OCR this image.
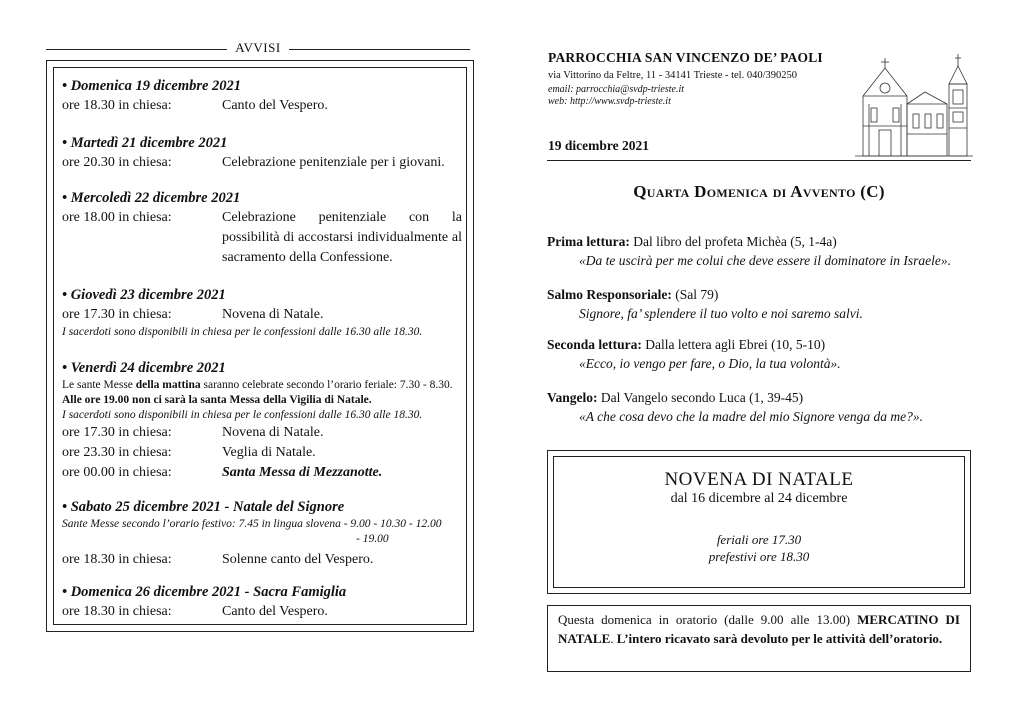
AVVISI
• Domenica 19 dicembre 2021
ore 18.30 in chiesa:	Canto del Vespero.
• Martedì 21 dicembre 2021
ore 20.30 in chiesa:	Celebrazione penitenziale per i giovani.
• Mercoledì 22 dicembre 2021
ore 18.00 in chiesa:	Celebrazione penitenziale con la possibilità di accostarsi individualmente al sacramento della Confessione.
• Giovedì 23 dicembre 2021
ore 17.30 in chiesa:	Novena di Natale.
I sacerdoti sono disponibili in chiesa per le confessioni dalle 16.30 alle 18.30.
• Venerdì 24 dicembre 2021
Le sante Messe della mattina saranno celebrate secondo l’orario feriale: 7.30 - 8.30.
Alle ore 19.00 non ci sarà la santa Messa della Vigilia di Natale.
I sacerdoti sono disponibili in chiesa per le confessioni dalle 16.30 alle 18.30.
ore 17.30 in chiesa:	Novena di Natale.
ore 23.30 in chiesa:	Veglia di Natale.
ore 00.00 in chiesa:	Santa Messa di Mezzanotte.
• Sabato 25 dicembre 2021 - Natale del Signore
Sante Messe secondo l’orario festivo: 7.45 in lingua slovena - 9.00 - 10.30 - 12.00
- 19.00
ore 18.30 in chiesa:	Solenne canto del Vespero.
• Domenica 26 dicembre 2021 - Sacra Famiglia
ore 18.30 in chiesa:	Canto del Vespero.
PARROCCHIA SAN VINCENZO DE’ PAOLI
via Vittorino da Feltre, 11 - 34141 Trieste - tel. 040/390250
email: parrocchia@svdp-trieste.it
web: http://www.svdp-trieste.it
19 dicembre 2021
Quarta Domenica di Avvento (C)
Prima lettura: Dal libro del profeta Michèa (5, 1-4a)
«Da te uscirà per me colui che deve essere il dominatore in Israele».
Salmo Responsoriale: (Sal 79)
Signore, fa’ splendere il tuo volto e noi saremo salvi.
Seconda lettura: Dalla lettera agli Ebrei (10, 5-10)
«Ecco, io vengo per fare, o Dio, la tua volontà».
Vangelo: Dal Vangelo secondo Luca (1, 39-45)
«A che cosa devo che la madre del mio Signore venga da me?».
NOVENA DI NATALE
dal 16 dicembre al 24 dicembre
feriali ore 17.30
prefestivi ore 18.30
Questa domenica in oratorio (dalle 9.00 alle 13.00) MERCATINO DI NATALE. L’intero ricavato sarà devoluto per le attività dell’oratorio.
